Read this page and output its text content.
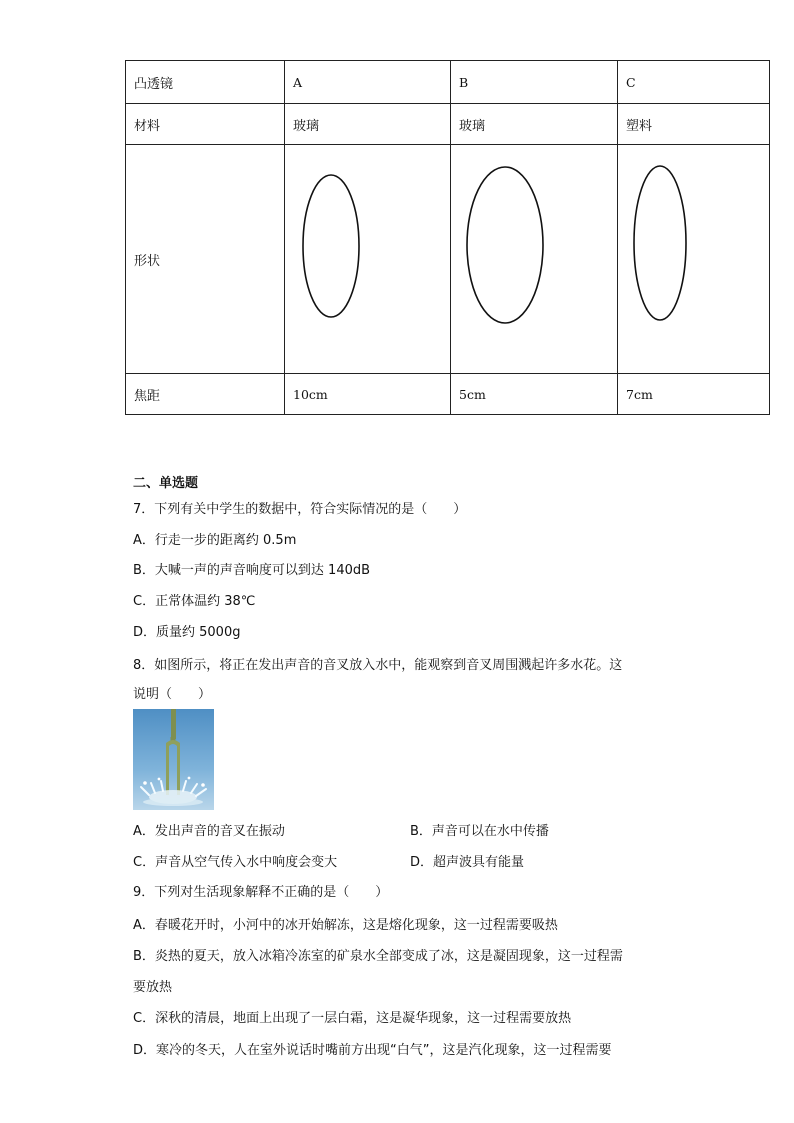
凸透镜	A	B	C
材料	玻璃	玻璃	塑料
形状	

焦距	10cm	5cm	7cm
二、单选题
7．下列有关中学生的数据中，符合实际情况的是（　　）
A．行走一步的距离约 0.5m
B．大喊一声的声音响度可以到达 140dB
C．正常体温约 38℃
D．质量约 5000g
8．如图所示，将正在发出声音的音叉放入水中，能观察到音叉周围溅起许多水花。这
说明（　　）
A．发出声音的音叉在振动	B．声音可以在水中传播
C．声音从空气传入水中响度会变大	D．超声波具有能量
9．下列对生活现象解释不正确的是（　　）
A．春暖花开时，小河中的冰开始解冻，这是熔化现象，这一过程需要吸热
B．炎热的夏天，放入冰箱冷冻室的矿泉水全部变成了冰，这是凝固现象，这一过程需
要放热
C．深秋的清晨，地面上出现了一层白霜，这是凝华现象，这一过程需要放热
D．寒冷的冬天，人在室外说话时嘴前方出现“白气”，这是汽化现象，这一过程需要
